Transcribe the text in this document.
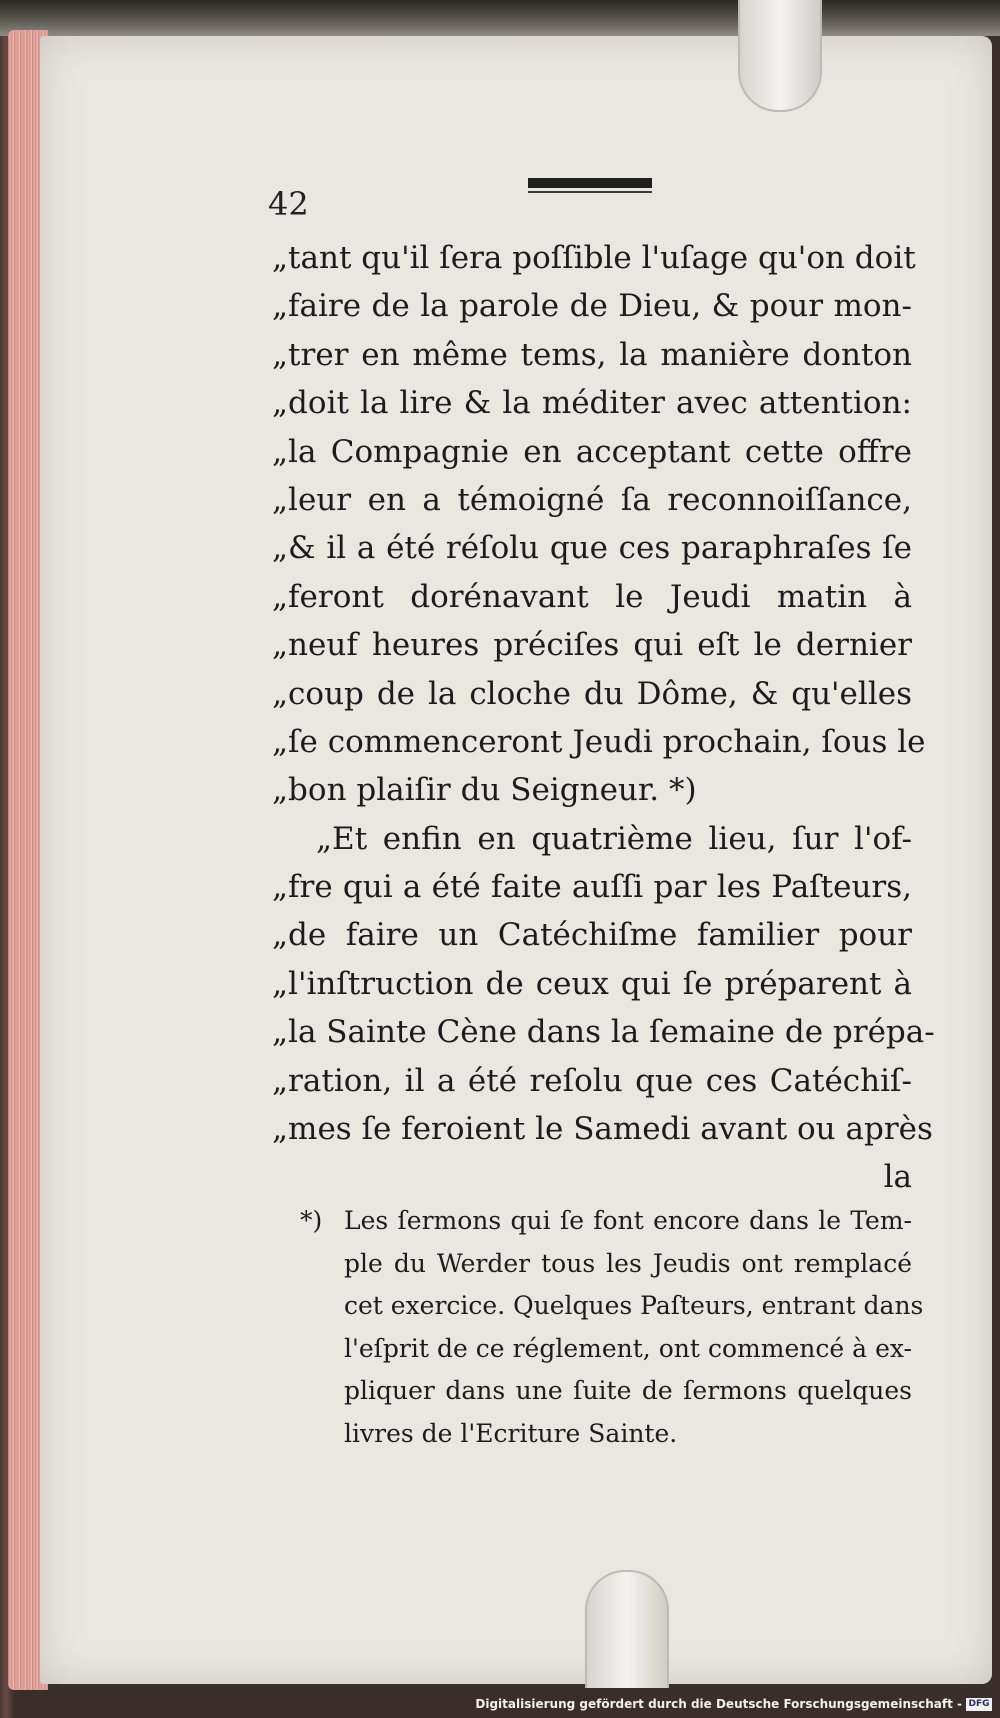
42
„tant qu'il ſera poſſible l'uſage qu'on doit
„faire de la parole de Dieu, & pour mon-
„trer en même tems, la manière donton
„doit la lire & la méditer avec attention:
„la Compagnie en acceptant cette offre
„leur en a témoigné ſa reconnoiſſance,
„& il a été réſolu que ces paraphraſes ſe
„feront dorénavant le Jeudi matin à
„neuf heures préciſes qui eſt le dernier
„coup de la cloche du Dôme, & qu'elles
„ſe commenceront Jeudi prochain, ſous le
„bon plaiſir du Seigneur. *)
„Et enfin en quatrième lieu, ſur l'of-
„fre qui a été faite auſſi par les Paſteurs,
„de faire un Catéchiſme familier pour
„l'inſtruction de ceux qui ſe préparent à
„la Sainte Cène dans la ſemaine de prépa-
„ration, il a été reſolu que ces Catéchiſ-
„mes ſe feroient le Samedi avant ou après
la
*) Les ſermons qui ſe font encore dans le Tem-
ple du Werder tous les Jeudis ont remplacé
cet exercice. Quelques Paſteurs, entrant dans
l'eſprit de ce réglement, ont commencé à ex-
pliquer dans une ſuite de ſermons quelques
livres de l'Ecriture Sainte.
Digitalisierung gefördert durch die Deutsche Forschungsgemeinschaft - DFG
